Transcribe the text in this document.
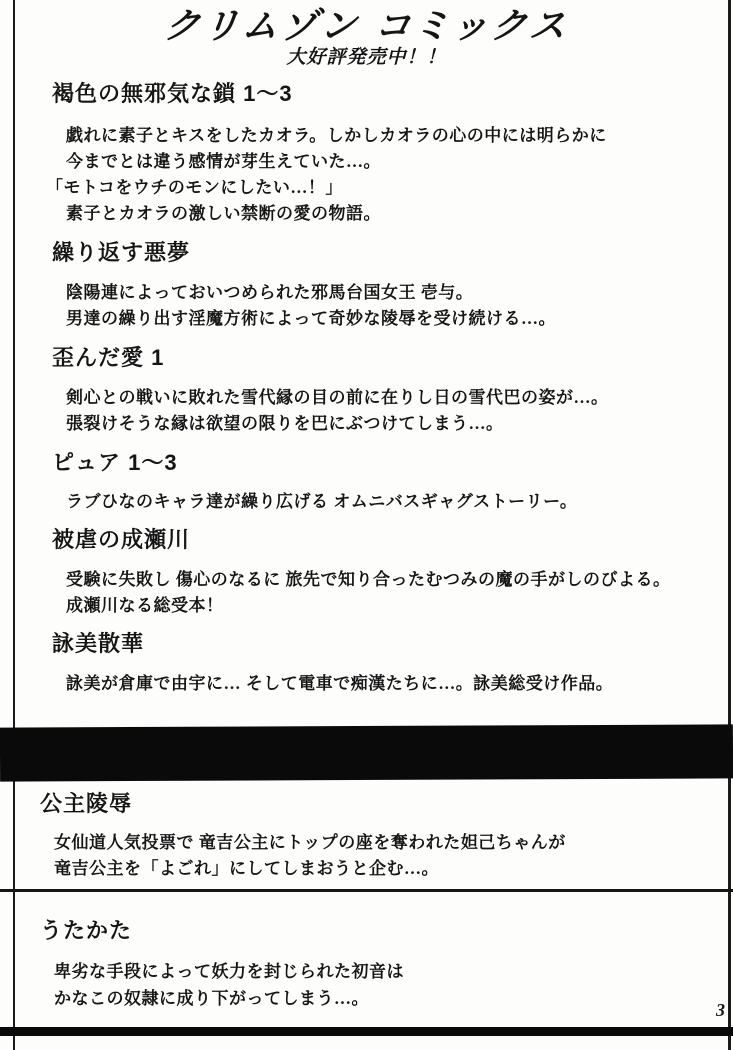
クリムゾン コミックス
大好評発売中！！
褐色の無邪気な鎖 1～3
戯れに素子とキスをしたカオラ。しかしカオラの心の中には明らかに
今までとは違う感情が芽生えていた…。
「モトコをウチのモンにしたい…！」
素子とカオラの激しい禁断の愛の物語。
繰り返す悪夢
陰陽連によっておいつめられた邪馬台国女王 壱与。
男達の繰り出す淫魔方術によって奇妙な陵辱を受け続ける…。
歪んだ愛 1
剣心との戦いに敗れた雪代縁の目の前に在りし日の雪代巴の姿が…。
張裂けそうな縁は欲望の限りを巴にぶつけてしまう…。
ピュア 1～3
ラブひなのキャラ達が繰り広げる オムニバスギャグストーリー。
被虐の成瀬川
受験に失敗し 傷心のなるに 旅先で知り合ったむつみの魔の手がしのびよる。
成瀬川なる総受本！
詠美散華
詠美が倉庫で由宇に… そして電車で痴漢たちに…。詠美総受け作品。
公主陵辱
女仙道人気投票で 竜吉公主にトップの座を奪われた妲己ちゃんが
竜吉公主を「よごれ」にしてしまおうと企む…。
うたかた
卑劣な手段によって妖力を封じられた初音は
かなこの奴隷に成り下がってしまう…。
3
